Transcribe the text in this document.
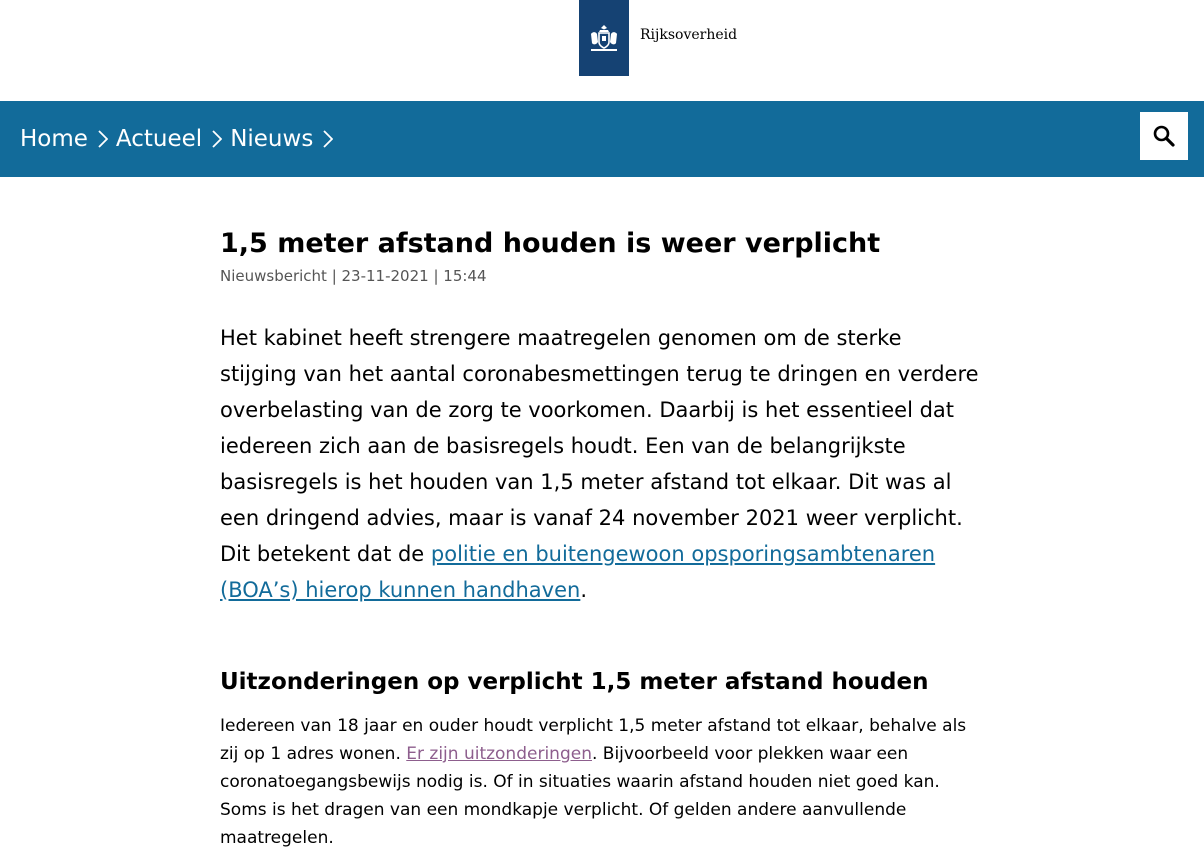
Rijksoverheid
Home Actueel Nieuws
1,5 meter afstand houden is weer verplicht
Nieuwsbericht | 23-11-2021 | 15:44

Het kabinet heeft strengere maatregelen genomen om de sterke stijging van het aantal coronabesmettingen terug te dringen en verdere overbelasting van de zorg te voorkomen. Daarbij is het essentieel dat iedereen zich aan de basisregels houdt. Een van de belangrijkste basisregels is het houden van 1,5 meter afstand tot elkaar. Dit was al een dringend advies, maar is vanaf 24 november 2021 weer verplicht. Dit betekent dat de politie en buitengewoon opsporingsambtenaren (BOA’s) hierop kunnen handhaven.

Uitzonderingen op verplicht 1,5 meter afstand houden

Iedereen van 18 jaar en ouder houdt verplicht 1,5 meter afstand tot elkaar, behalve als zij op 1 adres wonen. Er zijn uitzonderingen. Bijvoorbeeld voor plekken waar een coronatoegangsbewijs nodig is. Of in situaties waarin afstand houden niet goed kan. Soms is het dragen van een mondkapje verplicht. Of gelden andere aanvullende maatregelen.
